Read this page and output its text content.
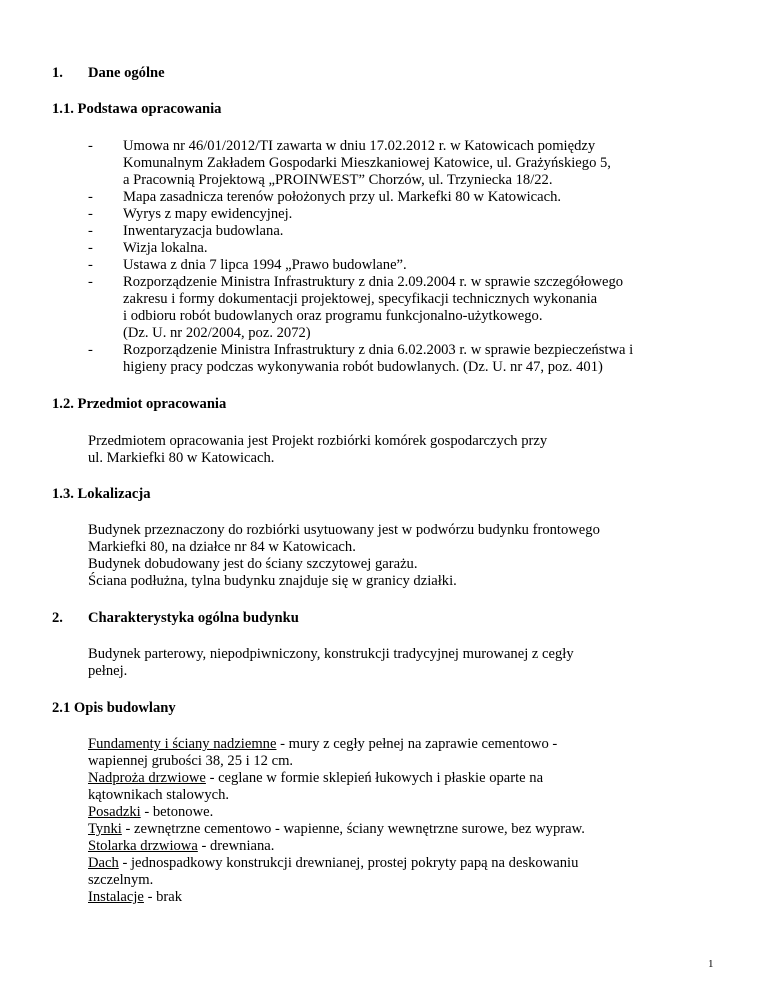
1. Dane ogólne
1.1. Podstawa opracowania
- Umowa nr 46/01/2012/TI zawarta w dniu 17.02.2012 r. w Katowicach pomiędzy
Komunalnym Zakładem Gospodarki Mieszkaniowej Katowice, ul. Grażyńskiego 5,
a Pracownią Projektową „PROINWEST” Chorzów, ul. Trzyniecka 18/22.
- Mapa zasadnicza terenów położonych przy ul. Markefki 80 w Katowicach.
- Wyrys z mapy ewidencyjnej.
- Inwentaryzacja budowlana.
- Wizja lokalna.
- Ustawa z dnia 7 lipca 1994 „Prawo budowlane”.
- Rozporządzenie Ministra Infrastruktury z dnia 2.09.2004 r. w sprawie szczegółowego
zakresu i formy dokumentacji projektowej, specyfikacji technicznych wykonania
i odbioru robót budowlanych oraz programu funkcjonalno-użytkowego.
(Dz. U. nr 202/2004, poz. 2072)
- Rozporządzenie Ministra Infrastruktury z dnia 6.02.2003 r. w sprawie bezpieczeństwa i
higieny pracy podczas wykonywania robót budowlanych. (Dz. U. nr 47, poz. 401)
1.2. Przedmiot opracowania
Przedmiotem opracowania jest Projekt rozbiórki komórek gospodarczych przy
ul. Markiefki 80 w Katowicach.
1.3. Lokalizacja
Budynek przeznaczony do rozbiórki usytuowany jest w podwórzu budynku frontowego
Markiefki 80, na działce nr 84 w Katowicach.
Budynek dobudowany jest do ściany szczytowej garażu.
Ściana podłużna, tylna budynku znajduje się w granicy działki.
2. Charakterystyka ogólna budynku
Budynek parterowy, niepodpiwniczony, konstrukcji tradycyjnej murowanej z cegły
pełnej.
2.1 Opis budowlany
Fundamenty i ściany nadziemne - mury z cegły pełnej na zaprawie cementowo -
wapiennej grubości 38, 25 i 12 cm.
Nadproża drzwiowe - ceglane w formie sklepień łukowych i płaskie oparte na
kątownikach stalowych.
Posadzki - betonowe.
Tynki - zewnętrzne cementowo - wapienne, ściany wewnętrzne surowe, bez wypraw.
Stolarka drzwiowa - drewniana.
Dach - jednospadkowy konstrukcji drewnianej, prostej pokryty papą na deskowaniu
szczelnym.
Instalacje - brak
1
